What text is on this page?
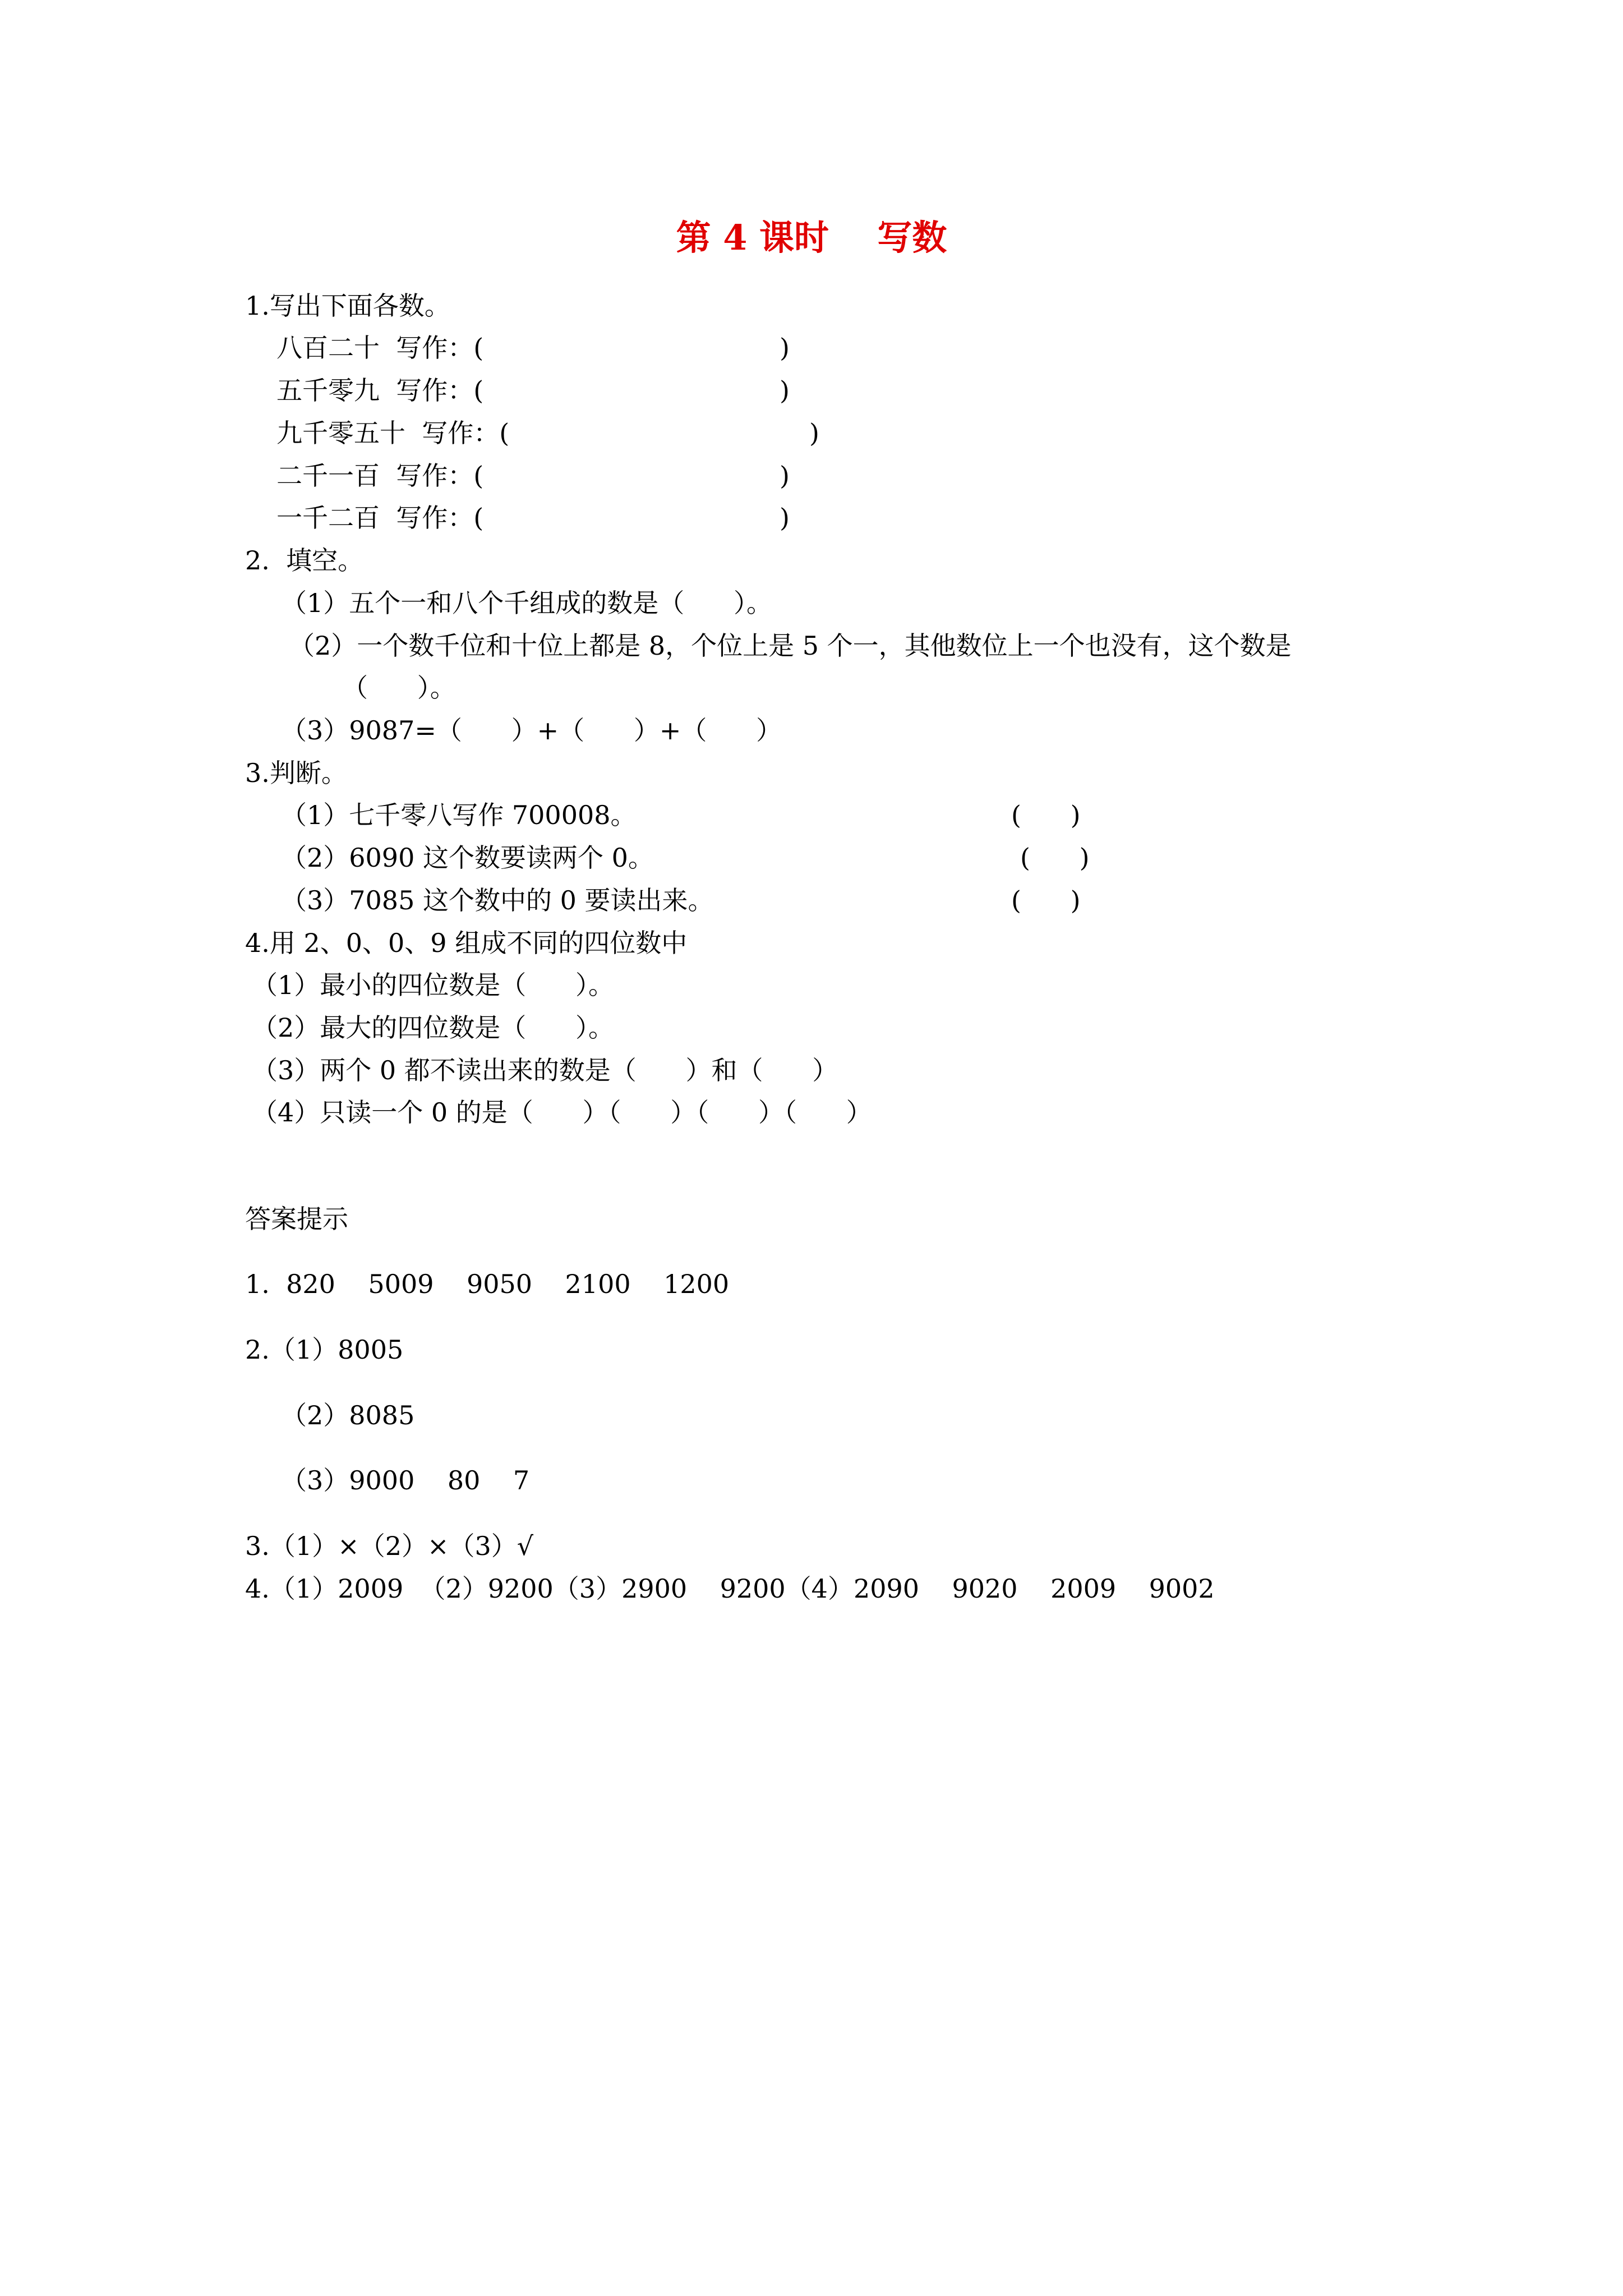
第 4 课时    写数
1.写出下面各数。
八百二十  写作：(	)
五千零九  写作：(	)
九千零五十  写作：(	)
二千一百  写作：(	)
一千二百  写作：(	)
2.  填空。
（1）五个一和八个千组成的数是（      ）。
（2）一个数千位和十位上都是 8，个位上是 5 个一，其他数位上一个也没有，这个数是
（      ）。
（3）9087=（      ）+（      ）+（      ）
3.判断。
（1）七千零八写作 700008。	(      )
（2）6090 这个数要读两个 0。	(      )
（3）7085 这个数中的 0 要读出来。	(      )
4.用 2、0、0、9 组成不同的四位数中
（1）最小的四位数是（      ）。
（2）最大的四位数是（      ）。
（3）两个 0 都不读出来的数是（      ）和（      ）
（4）只读一个 0 的是（      ）（      ）（      ）（      ）
答案提示
1.  820    5009    9050    2100    1200
2.（1）8005
（2）8085
（3）9000    80    7
3.（1）×（2）×（3）√
4.（1）2009  （2）9200（3）2900    9200（4）2090    9020    2009    9002
